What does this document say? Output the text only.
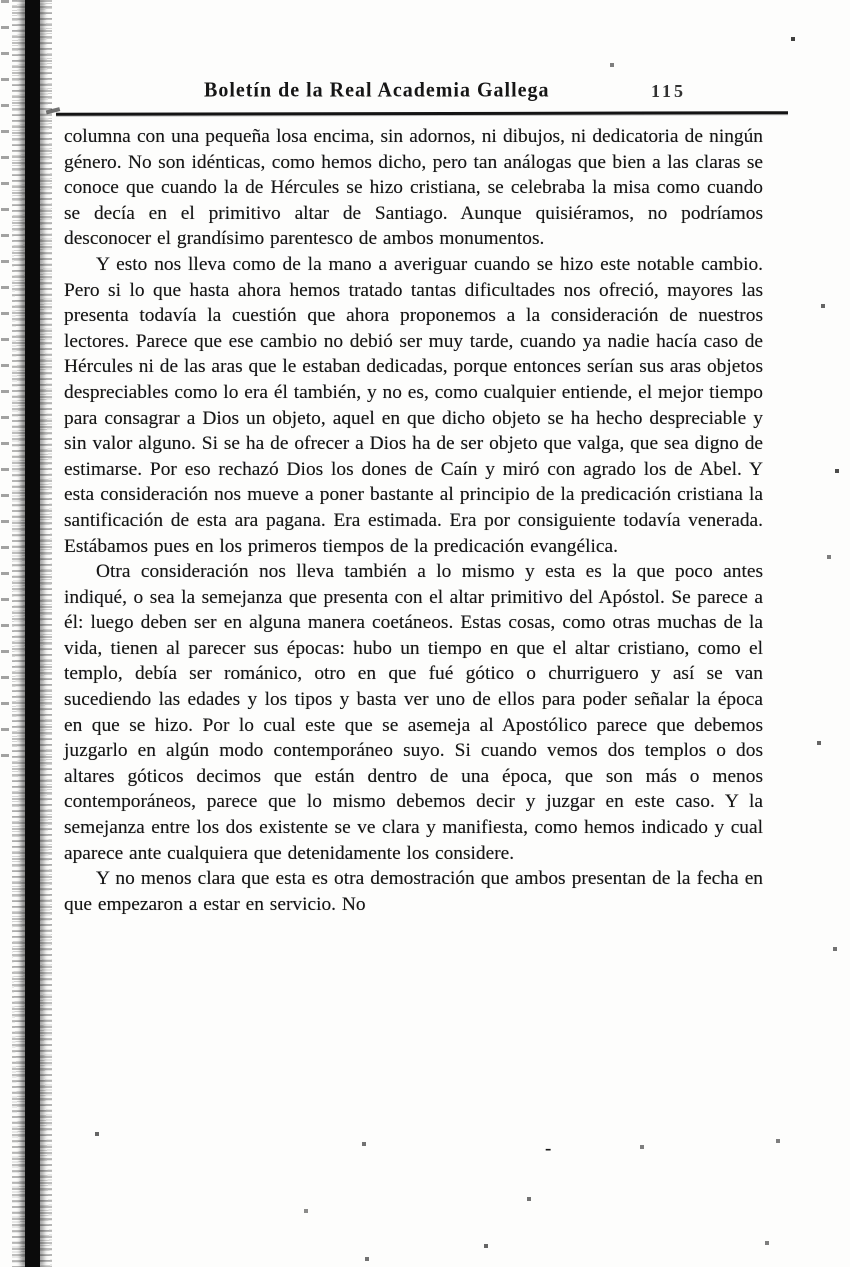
Boletín de la Real Academia Gallega	115

columna con una pequeña losa encima, sin adornos, ni dibujos, ni dedicatoria de ningún género. No son idénticas, como hemos dicho, pero tan análogas que bien a las claras se conoce que cuando la de Hércules se hizo cristiana, se celebraba la misa como cuando se decía en el primitivo altar de Santiago. Aunque quisiéramos, no podríamos desconocer el grandísimo parentesco de ambos monumentos.

Y esto nos lleva como de la mano a averiguar cuando se hizo este notable cambio. Pero si lo que hasta ahora hemos tratado tantas dificultades nos ofreció, mayores las presenta todavía la cuestión que ahora proponemos a la consideración de nuestros lectores. Parece que ese cambio no debió ser muy tarde, cuando ya nadie hacía caso de Hércules ni de las aras que le estaban dedicadas, porque entonces serían sus aras objetos despreciables como lo era él también, y no es, como cualquier entiende, el mejor tiempo para consagrar a Dios un objeto, aquel en que dicho objeto se ha hecho despreciable y sin valor alguno. Si se ha de ofrecer a Dios ha de ser objeto que valga, que sea digno de estimarse. Por eso rechazó Dios los dones de Caín y miró con agrado los de Abel. Y esta consideración nos mueve a poner bastante al principio de la predicación cristiana la santificación de esta ara pagana. Era estimada. Era por consiguiente todavía venerada. Estábamos pues en los primeros tiempos de la predicación evangélica.

Otra consideración nos lleva también a lo mismo y esta es la que poco antes indiqué, o sea la semejanza que presenta con el altar primitivo del Apóstol. Se parece a él: luego deben ser en alguna manera coetáneos. Estas cosas, como otras muchas de la vida, tienen al parecer sus épocas: hubo un tiempo en que el altar cristiano, como el templo, debía ser románico, otro en que fué gótico o churriguero y así se van sucediendo las edades y los tipos y basta ver uno de ellos para poder señalar la época en que se hizo. Por lo cual este que se asemeja al Apostólico parece que debemos juzgarlo en algún modo contemporáneo suyo. Si cuando vemos dos templos o dos altares góticos decimos que están dentro de una época, que son más o menos contemporáneos, parece que lo mismo debemos decir y juzgar en este caso. Y la semejanza entre los dos existente se ve clara y manifiesta, como hemos indicado y cual aparece ante cualquiera que detenidamente los considere.

Y no menos clara que esta es otra demostración que ambos presentan de la fecha en que empezaron a estar en servicio. No

-
